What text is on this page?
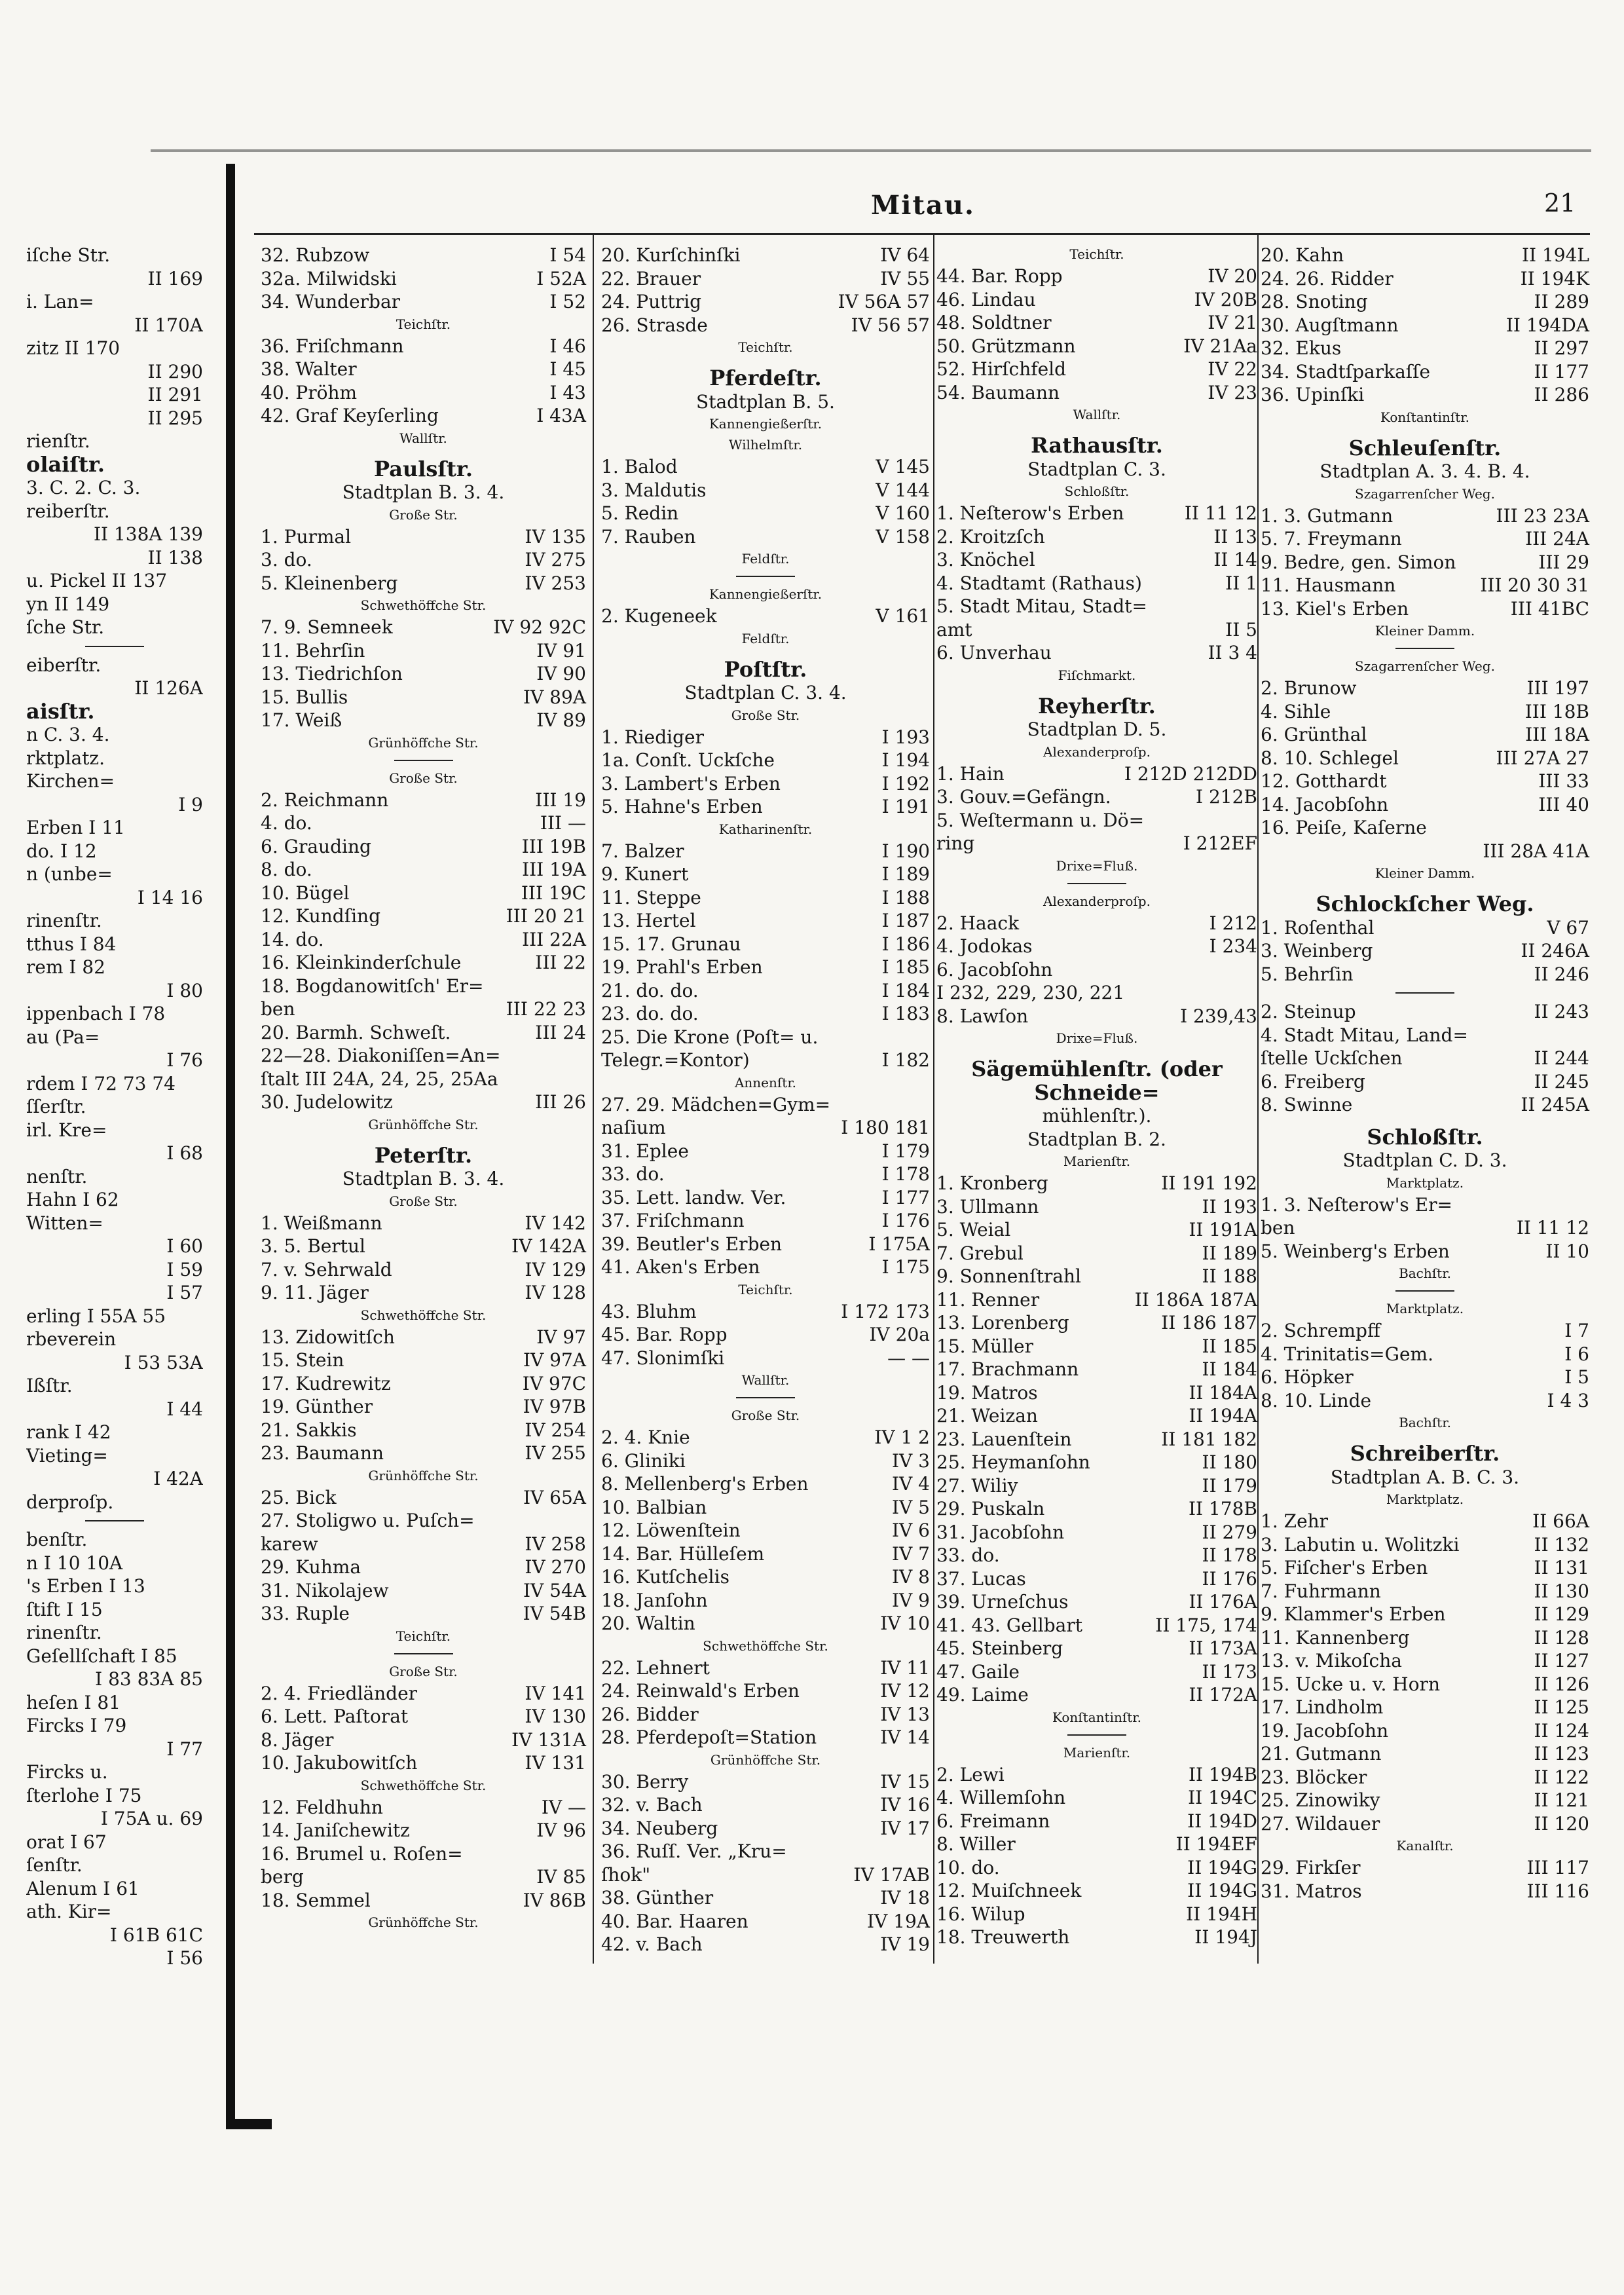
Mitau.	21
iſche Str.
II 169
i. Lan=
II 170A
zitz II 170
II 290
II 291
II 295
rienſtr.
olaiſtr.
3. C. 2. C. 3.
reiberſtr.
II 138A 139
II 138
u. Pickel II 137
yn II 149
ſche Str.
eiberſtr.
II 126A
aisſtr.
n C. 3. 4.
rktplatz.
Kirchen=
I 9
Erben I 11
do. I 12
n (unbe=
I 14 16
rinenſtr.
tthus I 84
rem I 82
I 80
ippenbach I 78
au (Pa=
I 76
rdem I 72 73 74
ſſerſtr.
irl. Kre=
I 68
nenſtr.
Hahn I 62
Witten=
I 60
I 59
I 57
erling I 55A 55
rbeverein
I 53 53A
Ißſtr.
I 44
rank I 42
Vieting=
I 42A
derproſp.
benſtr.
n I 10 10A
's Erben I 13
ſtift I 15
rinenſtr.
Geſellſchaft I 85
I 83 83A 85
heſen I 81
Fircks I 79
I 77
Fircks u.
ſterlohe I 75
I 75A u. 69
orat I 67
ſenſtr.
Alenum I 61
ath. Kir=
I 61B 61C
I 56
32. Rubzow	I 54
32a. Milwidski	I 52A
34. Wunderbar	I 52
Teichſtr.
36. Friſchmann	I 46
38. Walter	I 45
40. Pröhm	I 43
42. Graf Keyſerling	I 43A
Wallſtr.
Paulsſtr.
Stadtplan B. 3. 4.
Große Str.
1. Purmal	IV 135
3. do.	IV 275
5. Kleinenberg	IV 253
Schwethöffche Str.
7. 9. Semneek	IV 92 92C
11. Behrſin	IV 91
13. Tiedrichſon	IV 90
15. Bullis	IV 89A
17. Weiß	IV 89
Grünhöffche Str.
Große Str.
2. Reichmann	III 19
4. do.	III —
6. Grauding	III 19B
8. do.	III 19A
10. Bügel	III 19C
12. Kundſing	III 20 21
14. do.	III 22A
16. Kleinkinderſchule	III 22
18. Bogdanowitſch' Er=
ben	III 22 23
20. Barmh. Schweſt.	III 24
22—28. Diakoniſſen=An=
ſtalt III 24A, 24, 25, 25Aa
30. Judelowitz	III 26
Grünhöffche Str.
Peterſtr.
Stadtplan B. 3. 4.
Große Str.
1. Weißmann	IV 142
3. 5. Bertul	IV 142A
7. v. Sehrwald	IV 129
9. 11. Jäger	IV 128
Schwethöffche Str.
13. Zidowitſch	IV 97
15. Stein	IV 97A
17. Kudrewitz	IV 97C
19. Günther	IV 97B
21. Sakkis	IV 254
23. Baumann	IV 255
Grünhöffche Str.
25. Bick	IV 65A
27. Stoligwo u. Puſch=
karew	IV 258
29. Kuhma	IV 270
31. Nikolajew	IV 54A
33. Ruple	IV 54B
Teichſtr.
Große Str.
2. 4. Friedländer	IV 141
6. Lett. Paſtorat	IV 130
8. Jäger	IV 131A
10. Jakubowitſch	IV 131
Schwethöffche Str.
12. Feldhuhn	IV —
14. Janiſchewitz	IV 96
16. Brumel u. Roſen=
berg	IV 85
18. Semmel	IV 86B
Grünhöffche Str.
20. Kurſchinſki	IV 64
22. Brauer	IV 55
24. Puttrig	IV 56A 57
26. Strasde	IV 56 57
Teichſtr.
Pferdeſtr.
Stadtplan B. 5.
Kannengießerſtr.
Wilhelmſtr.
1. Balod	V 145
3. Maldutis	V 144
5. Redin	V 160
7. Rauben	V 158
Feldſtr.
Kannengießerſtr.
2. Kugeneek	V 161
Feldſtr.
Poſtſtr.
Stadtplan C. 3. 4.
Große Str.
1. Riediger	I 193
1a. Conſt. Uckſche	I 194
3. Lambert's Erben	I 192
5. Hahne's Erben	I 191
Katharinenſtr.
7. Balzer	I 190
9. Kunert	I 189
11. Steppe	I 188
13. Hertel	I 187
15. 17. Grunau	I 186
19. Prahl's Erben	I 185
21. do. do.	I 184
23. do. do.	I 183
25. Die Krone (Poſt= u.
Telegr.=Kontor)	I 182
Annenſtr.
27. 29. Mädchen=Gym=
naſium	I 180 181
31. Eplee	I 179
33. do.	I 178
35. Lett. landw. Ver.	I 177
37. Friſchmann	I 176
39. Beutler's Erben	I 175A
41. Aken's Erben	I 175
Teichſtr.
43. Bluhm	I 172 173
45. Bar. Ropp	IV 20a
47. Slonimſki	— —
Wallſtr.
Große Str.
2. 4. Knie	IV 1 2
6. Gliniki	IV 3
8. Mellenberg's Erben	IV 4
10. Balbian	IV 5
12. Löwenſtein	IV 6
14. Bar. Hülleſem	IV 7
16. Kutſchelis	IV 8
18. Janſohn	IV 9
20. Waltin	IV 10
Schwethöffche Str.
22. Lehnert	IV 11
24. Reinwald's Erben	IV 12
26. Bidder	IV 13
28. Pferdepoſt=Station	IV 14
Grünhöffche Str.
30. Berry	IV 15
32. v. Bach	IV 16
34. Neuberg	IV 17
36. Ruſſ. Ver. „Kru=
ſhok"	IV 17AB
38. Günther	IV 18
40. Bar. Haaren	IV 19A
42. v. Bach	IV 19
Teichſtr.
44. Bar. Ropp	IV 20
46. Lindau	IV 20B
48. Soldtner	IV 21
50. Grützmann	IV 21Aa
52. Hirſchfeld	IV 22
54. Baumann	IV 23
Wallſtr.
Rathausſtr.
Stadtplan C. 3.
Schloßſtr.
1. Neſterow's Erben	II 11 12
2. Kroitzſch	II 13
3. Knöchel	II 14
4. Stadtamt (Rathaus)	II 1
5. Stadt Mitau, Stadt=
amt	II 5
6. Unverhau	II 3 4
Fiſchmarkt.
Reyherſtr.
Stadtplan D. 5.
Alexanderproſp.
1. Hain	I 212D 212DD
3. Gouv.=Gefängn.	I 212B
5. Weſtermann u. Dö=
ring	I 212EF
Drixe=Fluß.
Alexanderproſp.
2. Haack	I 212
4. Jodokas	I 234
6. Jacobſohn
I 232, 229, 230, 221
8. Lawſon	I 239,43
Drixe=Fluß.
Sägemühlenſtr. (oder Schneide=
mühlenſtr.).
Stadtplan B. 2.
Marienſtr.
1. Kronberg	II 191 192
3. Ullmann	II 193
5. Weial	II 191A
7. Grebul	II 189
9. Sonnenſtrahl	II 188
11. Renner	II 186A 187A
13. Lorenberg	II 186 187
15. Müller	II 185
17. Brachmann	II 184
19. Matros	II 184A
21. Weizan	II 194A
23. Lauenſtein	II 181 182
25. Heymanſohn	II 180
27. Wiliy	II 179
29. Puskaln	II 178B
31. Jacobſohn	II 279
33. do.	II 178
37. Lucas	II 176
39. Urneſchus	II 176A
41. 43. Gellbart	II 175, 174
45. Steinberg	II 173A
47. Gaile	II 173
49. Laime	II 172A
Konſtantinſtr.
Marienſtr.
2. Lewi	II 194B
4. Willemſohn	II 194C
6. Freimann	II 194D
8. Willer	II 194EF
10. do.	II 194G
12. Muiſchneek	II 194G
16. Wilup	II 194H
18. Treuwerth	II 194J
20. Kahn	II 194L
24. 26. Ridder	II 194K
28. Snoting	II 289
30. Augſtmann	II 194DA
32. Ekus	II 297
34. Stadtſparkaſſe	II 177
36. Upinſki	II 286
Konſtantinſtr.
Schleuſenſtr.
Stadtplan A. 3. 4. B. 4.
Szagarrenſcher Weg.
1. 3. Gutmann	III 23 23A
5. 7. Freymann	III 24A
9. Bedre, gen. Simon	III 29
11. Hausmann	III 20 30 31
13. Kiel's Erben	III 41BC
Kleiner Damm.
Szagarrenſcher Weg.
2. Brunow	III 197
4. Sihle	III 18B
6. Grünthal	III 18A
8. 10. Schlegel	III 27A 27
12. Gotthardt	III 33
14. Jacobſohn	III 40
16. Peiſe, Kaſerne
III 28A 41A
Kleiner Damm.
Schlockſcher Weg.
1. Roſenthal	V 67
3. Weinberg	II 246A
5. Behrſin	II 246
2. Steinup	II 243
4. Stadt Mitau, Land=
ſtelle Uckſchen	II 244
6. Freiberg	II 245
8. Swinne	II 245A
Schloßſtr.
Stadtplan C. D. 3.
Marktplatz.
1. 3. Neſterow's Er=
ben	II 11 12
5. Weinberg's Erben	II 10
Bachſtr.
Marktplatz.
2. Schrempff	I 7
4. Trinitatis=Gem.	I 6
6. Höpker	I 5
8. 10. Linde	I 4 3
Bachſtr.
Schreiberſtr.
Stadtplan A. B. C. 3.
Marktplatz.
1. Zehr	II 66A
3. Labutin u. Wolitzki	II 132
5. Fiſcher's Erben	II 131
7. Fuhrmann	II 130
9. Klammer's Erben	II 129
11. Kannenberg	II 128
13. v. Mikoſcha	II 127
15. Ucke u. v. Horn	II 126
17. Lindholm	II 125
19. Jacobſohn	II 124
21. Gutmann	II 123
23. Blöcker	II 122
25. Zinowiky	II 121
27. Wildauer	II 120
Kanalſtr.
29. Firkſer	III 117
31. Matros	III 116
